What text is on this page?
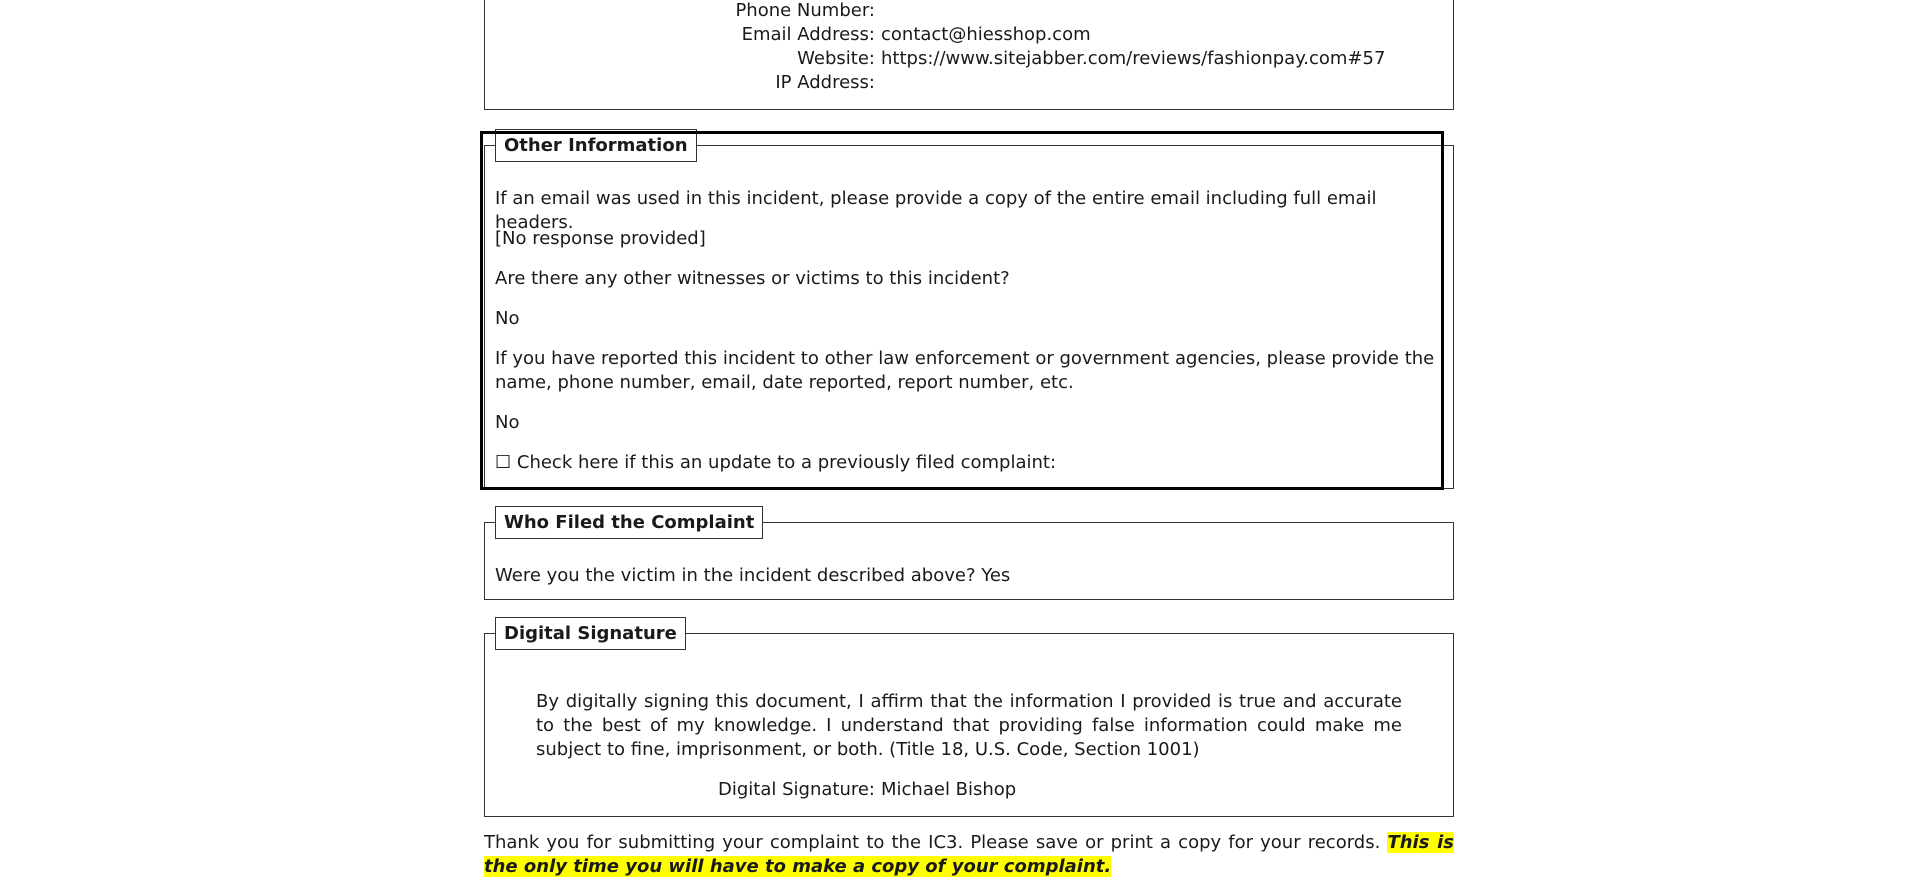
Phone Number:
Email Address: contact@hiesshop.com
Website: https://www.sitejabber.com/reviews/fashionpay.com#57
IP Address:
Other Information

If an email was used in this incident, please provide a copy of the entire email including full email headers.

[No response provided]

Are there any other witnesses or victims to this incident?

No

If you have reported this incident to other law enforcement or government agencies, please provide the name, phone number, email, date reported, report number, etc.

No

☐ Check here if this an update to a previously filed complaint:

Who Filed the Complaint

Were you the victim in the incident described above? Yes

Digital Signature

By digitally signing this document, I affirm that the information I provided is true and accurate to the best of my knowledge. I understand that providing false information could make me subject to fine, imprisonment, or both. (Title 18, U.S. Code, Section 1001)

Digital Signature: Michael Bishop

Thank you for submitting your complaint to the IC3. Please save or print a copy for your records. This is the only time you will have to make a copy of your complaint.
